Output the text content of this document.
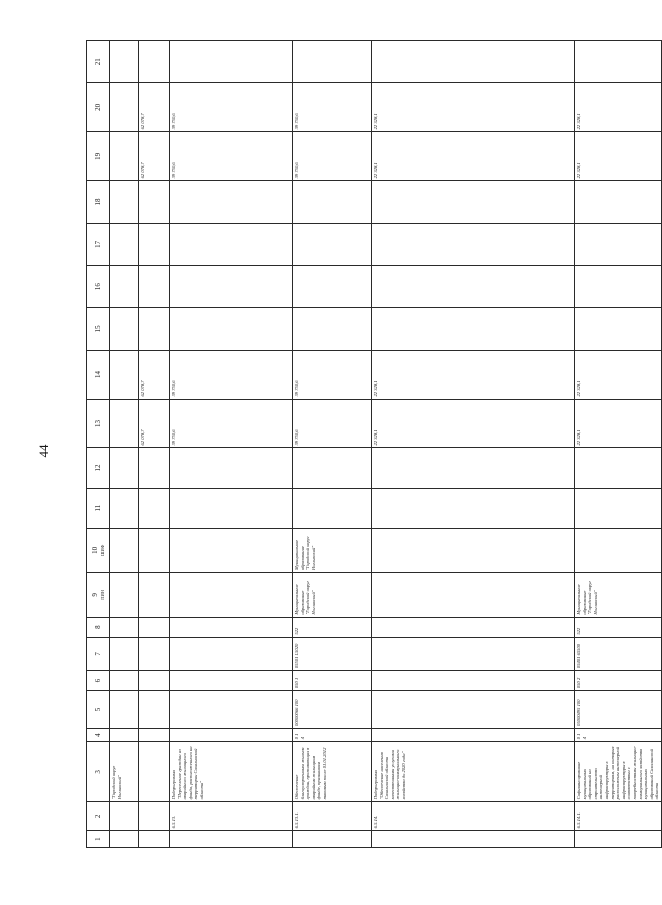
44
1	2	3	4	5	6	7	8	9 ПИН	10 ШИФ	11	12	13	14	15	16	17	18	19	20	21

		"Городской округ Ногликский"																		
												62 078,7	62 078,7					62 078,7	62 078,7	
	6.5.13.	Подпрограмма "Переселение граждан из аварийного жилищного фонда, расположенного на территории Сахалинской области"										39 750,6	39 750,6					39 750,6	39 750,6	
	6.5.13.1.	Обеспечение благоустроенным жильем граждан, проживающих в аварийном жилищном фонде, признанном таковым после 01.01.2012	0 1 4	00000066 100	050 1	05501 L5020	522	Муниципальное образование "Городской округ Ногликский"	Муниципальное образование "Городской округ Ногликский"			39 750,6	39 750,6					39 750,6	39 750,6	
	6.5.14.	Подпрограмма "Обеспечение населения Сахалинской области качественными услугами жилищно-коммунального хозяйства до 2020 года"										22 328,1	22 328,1					22 328,1	22 328,1	
	6.5.14.1.	Софинансирование муниципальных образований на строительство инженерной инфраструктуры к территориям, на которых расположены инженерной инфраструктуры в соответствии с потребностями жилищно-коммунального хозяйства муниципальных образований Сахалинской области	0 1 4	05000495 100	050 2	05401 65500	522	Муниципальное образование "Городской округ Ногликский"				22 328,1	22 328,1					22 328,1	22 328,1	
